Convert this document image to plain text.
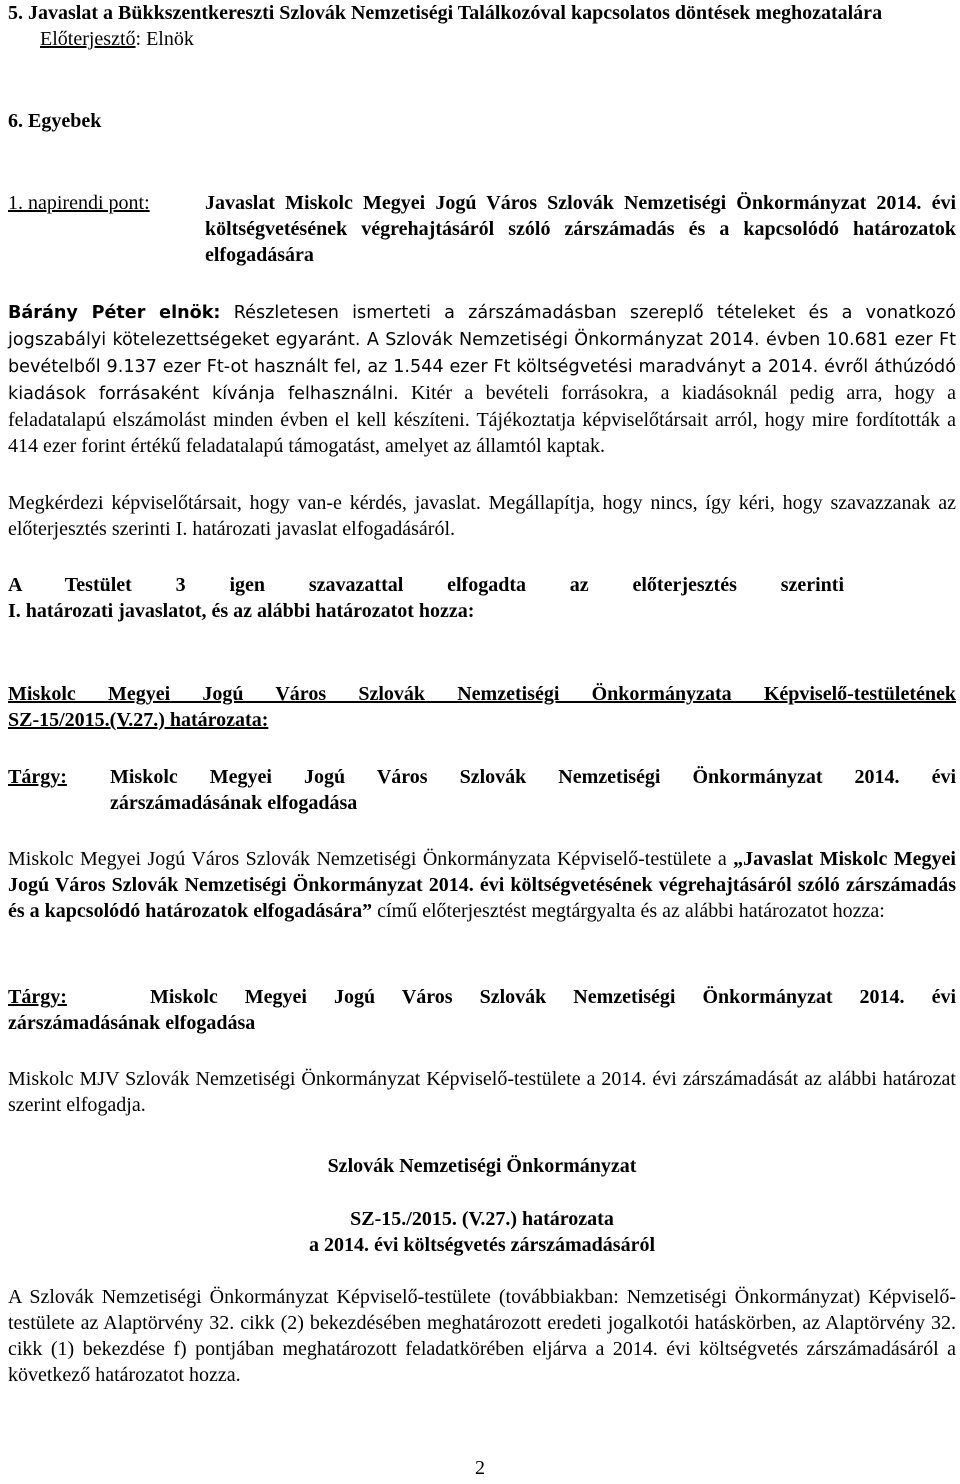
5. Javaslat a Bükkszentkereszti Szlovák Nemzetiségi Találkozóval kapcsolatos döntések meghozatalára
Előterjesztő: Elnök

6. Egyebek

1. napirendi pont:	Javaslat Miskolc Megyei Jogú Város Szlovák Nemzetiségi Önkormányzat 2014. évi költségvetésének végrehajtásáról szóló zárszámadás és a kapcsolódó határozatok elfogadására

Bárány Péter elnök: Részletesen ismerteti a zárszámadásban szereplő tételeket és a vonatkozó jogszabályi kötelezettségeket egyaránt. A Szlovák Nemzetiségi Önkormányzat 2014. évben 10.681 ezer Ft bevételből 9.137 ezer Ft-ot használt fel, az 1.544 ezer Ft költségvetési maradványt a 2014. évről áthúzódó kiadások forrásaként kívánja felhasználni. Kitér a bevételi forrásokra, a kiadásoknál pedig arra, hogy a feladatalapú elszámolást minden évben el kell készíteni. Tájékoztatja képviselőtársait arról, hogy mire fordították a 414 ezer forint értékű feladatalapú támogatást, amelyet az államtól kaptak.

Megkérdezi képviselőtársait, hogy van-e kérdés, javaslat. Megállapítja, hogy nincs, így kéri, hogy szavazzanak az előterjesztés szerinti I. határozati javaslat elfogadásáról.

A Testület 3 igen szavazattal elfogadta az előterjesztés szerinti
I. határozati javaslatot, és az alábbi határozatot hozza:

Miskolc Megyei Jogú Város Szlovák Nemzetiségi Önkormányzata Képviselő-testületének
SZ-15/2015.(V.27.) határozata:

Tárgy: Miskolc Megyei Jogú Város Szlovák Nemzetiségi Önkormányzat 2014. évi
zárszámadásának elfogadása

Miskolc Megyei Jogú Város Szlovák Nemzetiségi Önkormányzata Képviselő-testülete a „Javaslat Miskolc Megyei Jogú Város Szlovák Nemzetiségi Önkormányzat 2014. évi költségvetésének végrehajtásáról szóló zárszámadás és a kapcsolódó határozatok elfogadására” című előterjesztést megtárgyalta és az alábbi határozatot hozza:

Tárgy:	Miskolc Megyei Jogú Város Szlovák Nemzetiségi Önkormányzat 2014. évi
zárszámadásának elfogadása

Miskolc MJV Szlovák Nemzetiségi Önkormányzat Képviselő-testülete a 2014. évi zárszámadását az alábbi határozat szerint elfogadja.

Szlovák Nemzetiségi Önkormányzat

SZ-15./2015. (V.27.) határozata

a 2014. évi költségvetés zárszámadásáról

A Szlovák Nemzetiségi Önkormányzat Képviselő-testülete (továbbiakban: Nemzetiségi Önkormányzat) Képviselő-testülete az Alaptörvény 32. cikk (2) bekezdésében meghatározott eredeti jogalkotói hatáskörben, az Alaptörvény 32. cikk (1) bekezdése f) pontjában meghatározott feladatkörében eljárva a 2014. évi költségvetés zárszámadásáról a következő határozatot hozza.

2
